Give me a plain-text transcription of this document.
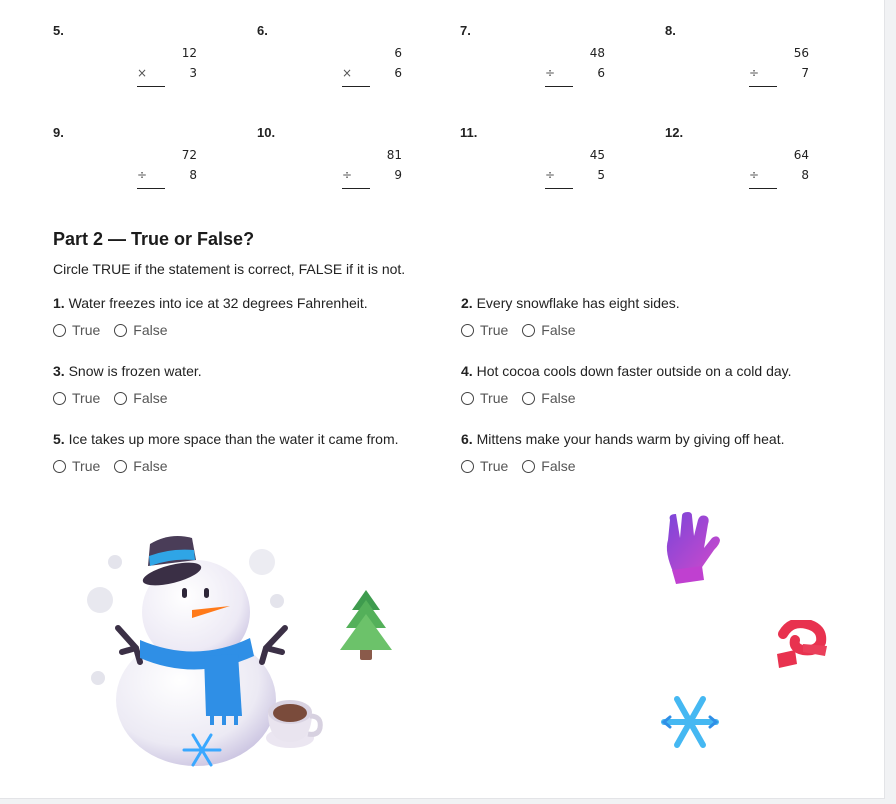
5.
12
×	3
6.
6
×	6
7.
48
÷	6
8.
56
÷	7
9.
72
÷	8
10.
81
÷	9
11.
45
÷	5
12.
64
÷	8
Part 2 — True or False?
Circle TRUE if the statement is correct, FALSE if it is not.
1. Water freezes into ice at 32 degrees Fahrenheit.
True False
2. Every snowflake has eight sides.
True False
3. Snow is frozen water.
True False
4. Hot cocoa cools down faster outside on a cold day.
True False
5. Ice takes up more space than the water it came from.
True False
6. Mittens make your hands warm by giving off heat.
True False
